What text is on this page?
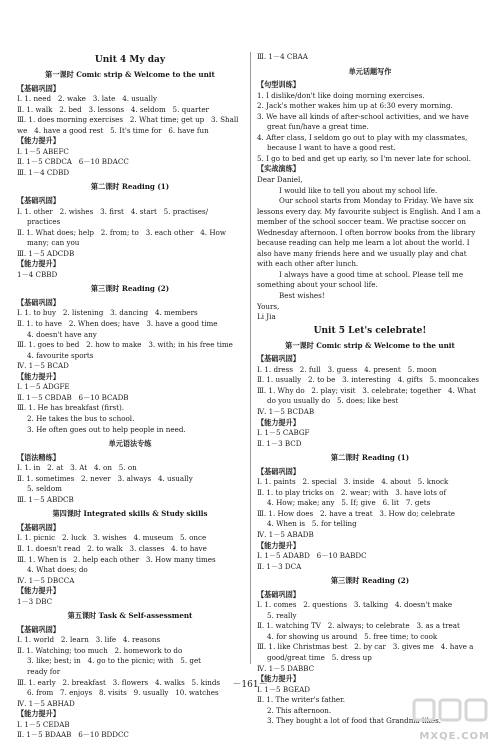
Unit 4 My day
第一课时 Comic strip & Welcome to the unit
【基础巩固】
Ⅰ. 1. need   2. wake   3. late   4. usually
Ⅱ. 1. walk   2. bed   3. lessons   4. seldom   5. quarter
Ⅲ. 1. does morning exercises   2. What time; get up   3. Shall
we   4. have a good rest   5. It's time for   6. have fun
【能力提升】
Ⅰ. 1－5 ABEFC
Ⅱ. 1－5 CBDCA   6－10 BDACC
Ⅲ. 1－4 CDBD
第二课时 Reading (1)
【基础巩固】
Ⅰ. 1. other   2. wishes   3. first   4. start   5. practises/
practices
Ⅱ. 1. What does; help   2. from; to   3. each other   4. How
many; can you
Ⅲ. 1－5 ADCDB
【能力提升】
1－4 CBBD
第三课时 Reading (2)
【基础巩固】
Ⅰ. 1. to buy   2. listening   3. dancing   4. members
Ⅱ. 1. to have   2. When does; have   3. have a good time
4. doesn't have any
Ⅲ. 1. goes to bed   2. how to make   3. with; in his free time
4. favourite sports
Ⅳ. 1－5 BCAD
【能力提升】
Ⅰ. 1－5 ADGFE
Ⅱ. 1－5 CBDAB   6－10 BCADB
Ⅲ. 1. He has breakfast (first).
2. He takes the bus to school.
3. He often goes out to help people in need.
单元语法专练
【语法精练】
Ⅰ. 1. in   2. at   3. At   4. on   5. on
Ⅱ. 1. sometimes   2. never   3. always   4. usually
5. seldom
Ⅲ. 1－5 ABDCB
第四课时 Integrated skills & Study skills
【基础巩固】
Ⅰ. 1. picnic   2. luck   3. wishes   4. museum   5. once
Ⅱ. 1. doesn't read   2. to walk   3. classes   4. to have
Ⅲ. 1. When is   2. help each other   3. How many times
4. What does; do
Ⅳ. 1－5 DBCCA
【能力提升】
1－3 DBC
第五课时 Task & Self-assessment
【基础巩固】
Ⅰ. 1. world   2. learn   3. life   4. reasons
Ⅱ. 1. Watching; too much   2. homework to do
3. like; best; in   4. go to the picnic; with   5. get
ready for
Ⅲ. 1. early   2. breakfast   3. flowers   4. walks   5. kinds
6. from   7. enjoys   8. visits   9. usually   10. watches
Ⅳ. 1－5 ABHAD
【能力提升】
Ⅰ. 1－5 CEDAB
Ⅱ. 1－5 BDAAB   6－10 BDDCC
Ⅲ. 1－4 CBAA
单元话题写作
【句型训练】
1. I dislike/don't like doing morning exercises.
2. Jack's mother wakes him up at 6:30 every morning.
3. We have all kinds of after-school activities, and we have
great fun/have a great time.
4. After class, I seldom go out to play with my classmates,
because I want to have a good rest.
5. I go to bed and get up early, so I'm never late for school.
【实战演练】
Dear Daniel,
I would like to tell you about my school life.
Our school starts from Monday to Friday. We have six lessons every day. My favourite subject is English. And I am a member of the school soccer team. We practise soccer on Wednesday afternoon. I often borrow books from the library because reading can help me learn a lot about the world. I also have many friends here and we usually play and chat with each other after lunch.
I always have a good time at school. Please tell me something about your school life.
Best wishes!
Yours,
Li Jia
Unit 5 Let's celebrate!
第一课时 Comic strip & Welcome to the unit
【基础巩固】
Ⅰ. 1. dress   2. full   3. guess   4. present   5. moon
Ⅱ. 1. usually   2. to be   3. interesting   4. gifts   5. mooncakes
Ⅲ. 1. Why do   2. play; visit   3. celebrate; together   4. What
do you usually do   5. does; like best
Ⅳ. 1－5 BCDAB
【能力提升】
Ⅰ. 1－5 CABGF
Ⅱ. 1－3 BCD
第二课时 Reading (1)
【基础巩固】
Ⅰ. 1. paints   2. special   3. inside   4. about   5. knock
Ⅱ. 1. to play tricks on   2. wear; with   3. have lots of
4. How; make; any   5. If; give   6. lit   7. gets
Ⅲ. 1. How does   2. have a treat   3. How do; celebrate
4. When is   5. for telling
Ⅳ. 1－5 ABADB
【能力提升】
Ⅰ. 1－5 ADABD   6－10 BABDC
Ⅱ. 1－3 DCA
第三课时 Reading (2)
【基础巩固】
Ⅰ. 1. comes   2. questions   3. talking   4. doesn't make
5. really
Ⅱ. 1. watching TV   2. always; to celebrate   3. as a treat
4. for showing us around   5. free time; to cook
Ⅲ. 1. like Christmas best   2. by car   3. gives me   4. have a
good/great time   5. dress up
Ⅳ. 1－5 DABBC
【能力提升】
Ⅰ. 1－5 BGEAD
Ⅱ. 1. The writer's father.
2. This afternoon.
3. They bought a lot of food that Grandma likes.
－161－
MXQE.COM
